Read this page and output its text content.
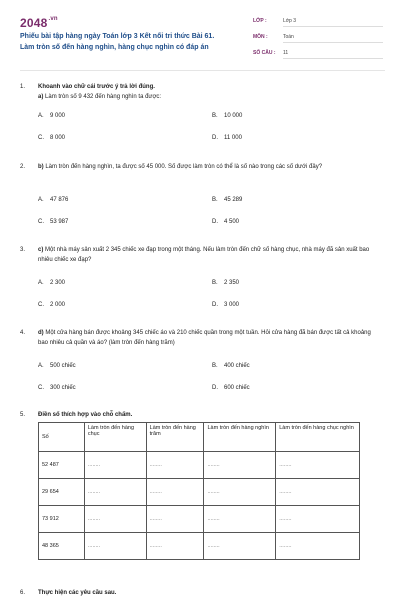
$2048^{.vn}$
Phiếu bài tập hàng ngày Toán lớp 3 Kết nối tri thức Bài 61.
Làm tròn số đến hàng nghìn, hàng chục nghìn có đáp án
LỚP :	Lớp 3
MÔN :	Toán
SỐ CÂU :	11
1. Khoanh vào chữ cái trước ý trả lời đúng.
a) Làm tròn số 9 432 đến hàng nghìn ta được:
A. 9 000	B. 10 000
C. 8 000	D. 11 000
2. b) Làm tròn đến hàng nghìn, ta được số 45 000. Số được làm tròn có thể là số nào trong các số dưới đây?
A. 47 876	B. 45 289
C. 53 987	D. 4 500
3. c) Một nhà máy sản xuất 2 345 chiếc xe đạp trong một tháng. Nếu làm tròn đến chữ số hàng chục, nhà máy đã sản xuất bao nhiêu chiếc xe đạp?
A. 2 300	B. 2 350
C. 2 000	D. 3 000
4. d) Một cửa hàng bán được khoảng 345 chiếc áo và 210 chiếc quần trong một tuần. Hỏi cửa hàng đã bán được tất cả khoảng bao nhiêu cả quần và áo? (làm tròn đến hàng trăm)
A. 500 chiếc	B. 400 chiếc
C. 300 chiếc	D. 600 chiếc
5. Điền số thích hợp vào chỗ chấm.
Số	Làm tròn đến hàng chục	Làm tròn đến hàng trăm	Làm tròn đến hàng nghìn	Làm tròn đến hàng chục nghìn
52 487	........	........	........	........
29 654	........	........	........	........
73 912	........	........	........	........
48 365	........	........	........	........
6. Thực hiện các yêu cầu sau.
